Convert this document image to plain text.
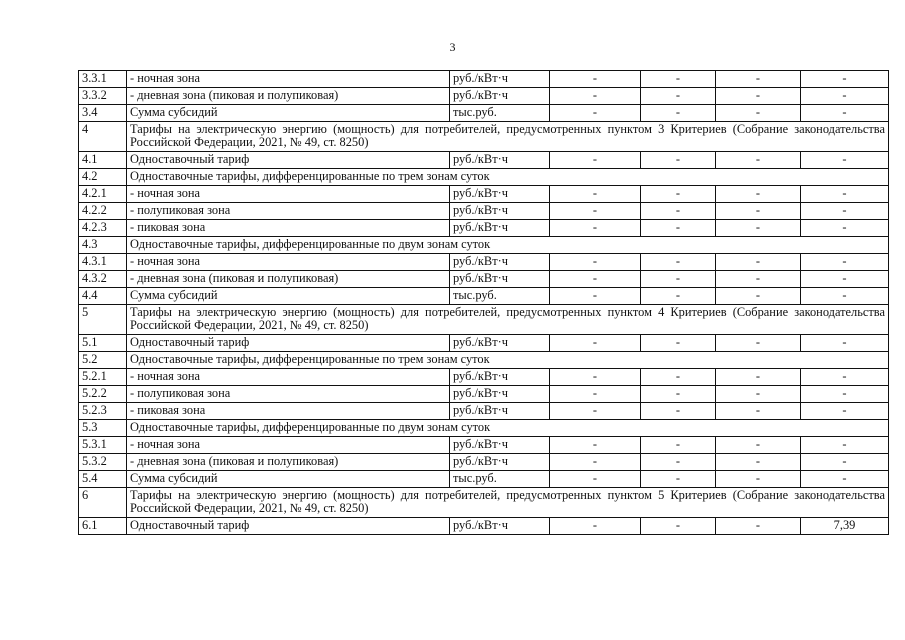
3
3.3.1	- ночная зона	руб./кВт·ч	-	-	-	-
3.3.2	- дневная зона (пиковая и полупиковая)	руб./кВт·ч	-	-	-	-
3.4	Сумма субсидий	тыс.руб.	-	-	-	-
4	Тарифы на электрическую энергию (мощность) для потребителей, предусмотренных пунктом 3 Критериев (Собрание законодательства Российской Федерации, 2021, № 49, ст. 8250)					
4.1	Одноставочный тариф	руб./кВт·ч	-	-	-	-
4.2	Одноставочные тарифы, дифференцированные по трем зонам суток					
4.2.1	- ночная зона	руб./кВт·ч	-	-	-	-
4.2.2	- полупиковая зона	руб./кВт·ч	-	-	-	-
4.2.3	- пиковая зона	руб./кВт·ч	-	-	-	-
4.3	Одноставочные тарифы, дифференцированные по двум зонам суток					
4.3.1	- ночная зона	руб./кВт·ч	-	-	-	-
4.3.2	- дневная зона (пиковая и полупиковая)	руб./кВт·ч	-	-	-	-
4.4	Сумма субсидий	тыс.руб.	-	-	-	-
5	Тарифы на электрическую энергию (мощность) для потребителей, предусмотренных пунктом 4 Критериев (Собрание законодательства Российской Федерации, 2021, № 49, ст. 8250)					
5.1	Одноставочный тариф	руб./кВт·ч	-	-	-	-
5.2	Одноставочные тарифы, дифференцированные по трем зонам суток					
5.2.1	- ночная зона	руб./кВт·ч	-	-	-	-
5.2.2	- полупиковая зона	руб./кВт·ч	-	-	-	-
5.2.3	- пиковая зона	руб./кВт·ч	-	-	-	-
5.3	Одноставочные тарифы, дифференцированные по двум зонам суток					
5.3.1	- ночная зона	руб./кВт·ч	-	-	-	-
5.3.2	- дневная зона (пиковая и полупиковая)	руб./кВт·ч	-	-	-	-
5.4	Сумма субсидий	тыс.руб.	-	-	-	-
6	Тарифы на электрическую энергию (мощность) для потребителей, предусмотренных пунктом 5 Критериев (Собрание законодательства Российской Федерации, 2021, № 49, ст. 8250)					
6.1	Одноставочный тариф	руб./кВт·ч	-	-	-	7,39
